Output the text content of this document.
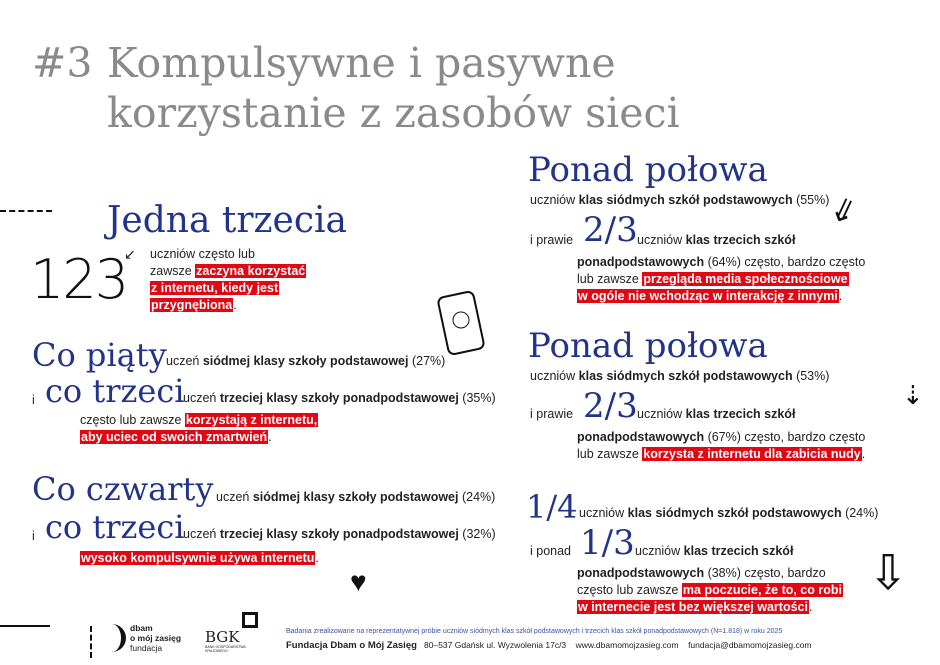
#3 Kompulsywne i pasywne
korzystanie z zasobów sieci
Jedna trzecia
123
↙ uczniów często lub
zawsze zaczyna korzystać
z internetu, kiedy jest
przygnębiona.
Co piąty uczeń siódmej klasy szkoły podstawowej (27%)
i co trzeci
uczeń trzeciej klasy szkoły ponadpodstawowej (35%)
często lub zawsze korzystają z internetu,
aby uciec od swoich zmartwień.
Co czwarty uczeń siódmej klasy szkoły podstawowej (24%)
i co trzeci
uczeń trzeciej klasy szkoły ponadpodstawowej (32%)
wysoko kompulsywnie używa internetu.
♥
Ponad połowa
uczniów klas siódmych szkół podstawowych (55%)
i prawie 2/3 uczniów klas trzecich szkół
ponadpodstawowych (64%) często, bardzo często
lub zawsze przegląda media społecznościowe
w ogóle nie wchodząc w interakcję z innymi.
⇙
Ponad połowa
uczniów klas siódmych szkół podstawowych (53%)
i prawie 2/3 uczniów klas trzecich szkół
ponadpodstawowych (67%) często, bardzo często
lub zawsze korzysta z internetu dla zabicia nudy.
⇣
1/4 uczniów klas siódmych szkół podstawowych (24%)
i ponad 1/3 uczniów klas trzecich szkół
ponadpodstawowych (38%) często, bardzo
często lub zawsze ma poczucie, że to, co robi
w internecie jest bez większej wartości.
⇩
dbam
o mój zasięg
fundacja
BGK
BANK GOSPODARSTWA KRAJOWEGO
Badania zrealizowane na reprezentatywnej próbie uczniów siódmych klas szkół podstawowych i trzecich klas szkół ponadpodstawowych (N=1.818) w roku 2025
Fundacja Dbam o Mój Zasięg 80–537 Gdańsk ul. Wyzwolenia 17c/3 www.dbamomojzasieg.com fundacja@dbamomojzasieg.com
